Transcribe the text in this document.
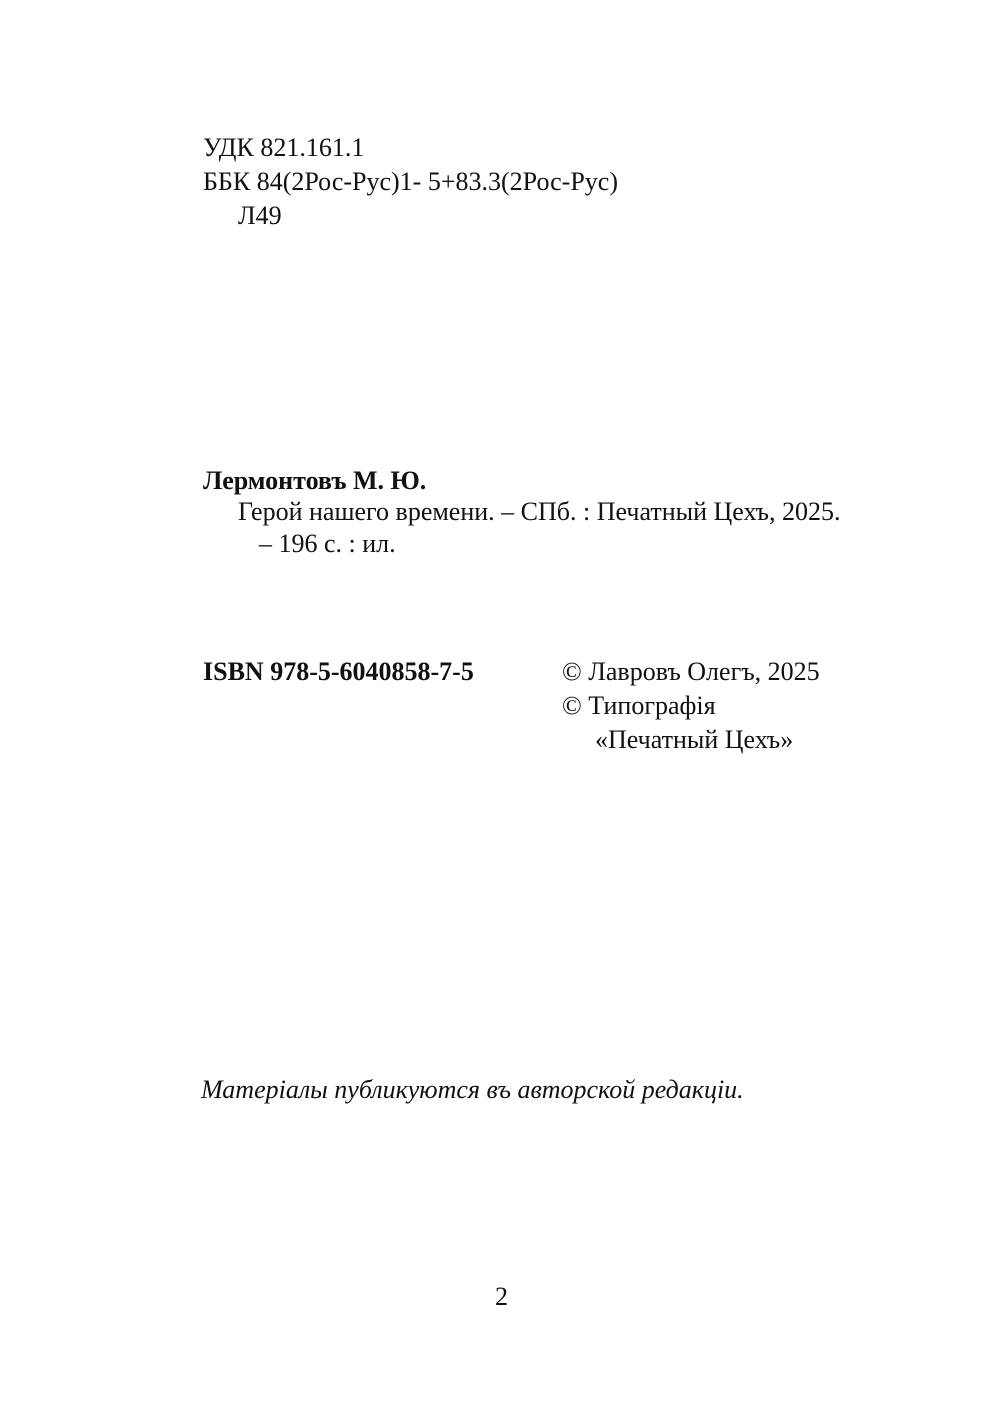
УДК 821.161.1
ББК 84(2Рос-Рус)1- 5+83.3(2Рос-Рус)
Л49
Лермонтовъ М. Ю.
Герой нашего времени. – СПб. : Печатный Цехъ, 2025.
– 196 с. : ил.
ISBN 978-5-6040858-7-5	© Лавровъ Олегъ, 2025
© Типографія
«Печатный Цехъ»
Матеріалы публикуются въ авторской редакціи.
2
